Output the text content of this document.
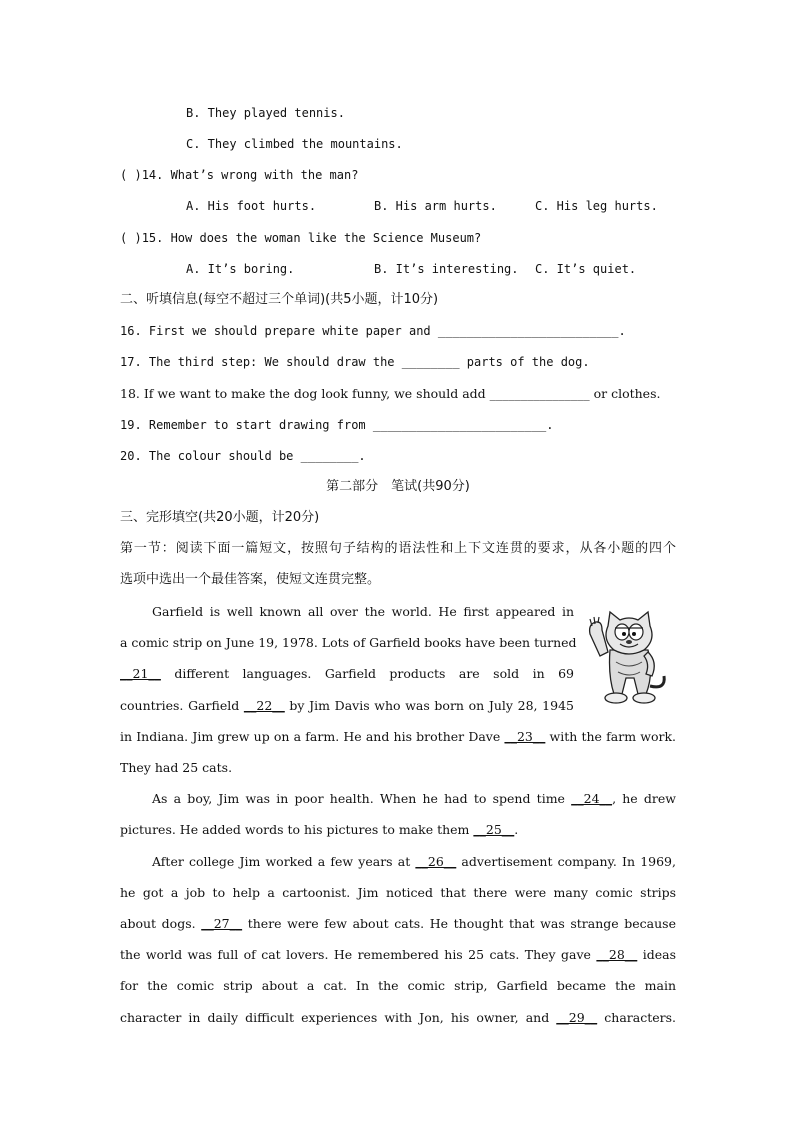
B. They played tennis.
C. They climbed the mountains.
( )14. What’s wrong with the man?
A. His foot hurts.	B. His arm hurts.	C. His leg hurts.
( )15. How does the woman like the Science Museum?
A. It’s boring.	B. It’s interesting. C. It’s quiet.
二、听填信息(每空不超过三个单词)(共5小题，计10分)
16. First we should prepare white paper and _________________________.
17. The third step: We should draw the ________ parts of the dog.
18. If we want to make the dog look funny, we should add ________________ or clothes.
19. Remember to start drawing from ________________________.
20. The colour should be ________.
第二部分　笔试(共90分)
三、完形填空(共20小题，计20分)
第一节：阅读下面一篇短文，按照句子结构的语法性和上下文连贯的要求，从各小题的四个
选项中选出一个最佳答案，使短文连贯完整。
Garfield is well known all over the world. He first appeared in
a comic strip on June 19, 1978. Lots of Garfield books have been turned
__21__ different languages. Garfield products are sold in 69
countries. Garfield __22__ by Jim Davis who was born on July 28, 1945
in Indiana. Jim grew up on a farm. He and his brother Dave __23__ with the farm work.
They had 25 cats.
As a boy, Jim was in poor health. When he had to spend time __24__, he drew
pictures. He added words to his pictures to make them __25__.
After college Jim worked a few years at __26__ advertisement company. In 1969,
he got a job to help a cartoonist. Jim noticed that there were many comic strips
about dogs. __27__ there were few about cats. He thought that was strange because
the world was full of cat lovers. He remembered his 25 cats. They gave __28__ ideas
for the comic strip about a cat. In the comic strip, Garfield became the main
character in daily difficult experiences with Jon, his owner, and __29__ characters.
